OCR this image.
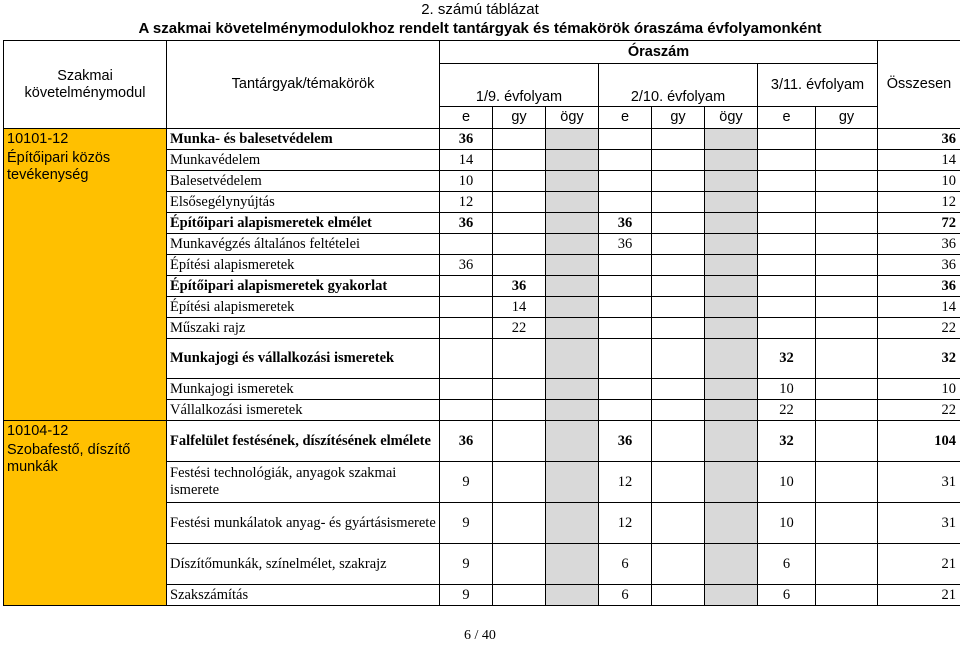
2. számú táblázat
A szakmai követelménymodulokhoz rendelt tantárgyak és témakörök óraszáma évfolyamonként
Szakmai követelménymodul	Tantárgyak/témakörök	Óraszám								Összesen
		1/9. évfolyam			2/10. évfolyam			3/11. évfolyam		
		e	gy	ögy	e	gy	ögy	e	gy	

10101-12
Építőipari közös tevékenység	Munka- és balesetvédelem	36								36
	Munkavédelem	14								14
	Balesetvédelem	10								10
	Elsősegélynyújtás	12								12
	Építőipari alapismeretek elmélet	36			36					72
	Munkavégzés általános feltételei				36					36
	Építési alapismeretek	36								36
	Építőipari alapismeretek gyakorlat		36							36
	Építési alapismeretek		14							14
	Műszaki rajz		22							22
	Munkajogi és vállalkozási ismeretek							32		32
	Munkajogi ismeretek							10		10
	Vállalkozási ismeretek							22		22

10104-12
Szobafestő, díszítő munkák	Falfelület festésének, díszítésének elmélete	36			36			32		104
	Festési technológiák, anyagok szakmai ismerete	9			12			10		31
	Festési munkálatok anyag- és gyártásismerete	9			12			10		31
	Díszítőmunkák, színelmélet, szakrajz	9			6			6		21
	Szakszámítás	9			6			6		21
6 / 40
